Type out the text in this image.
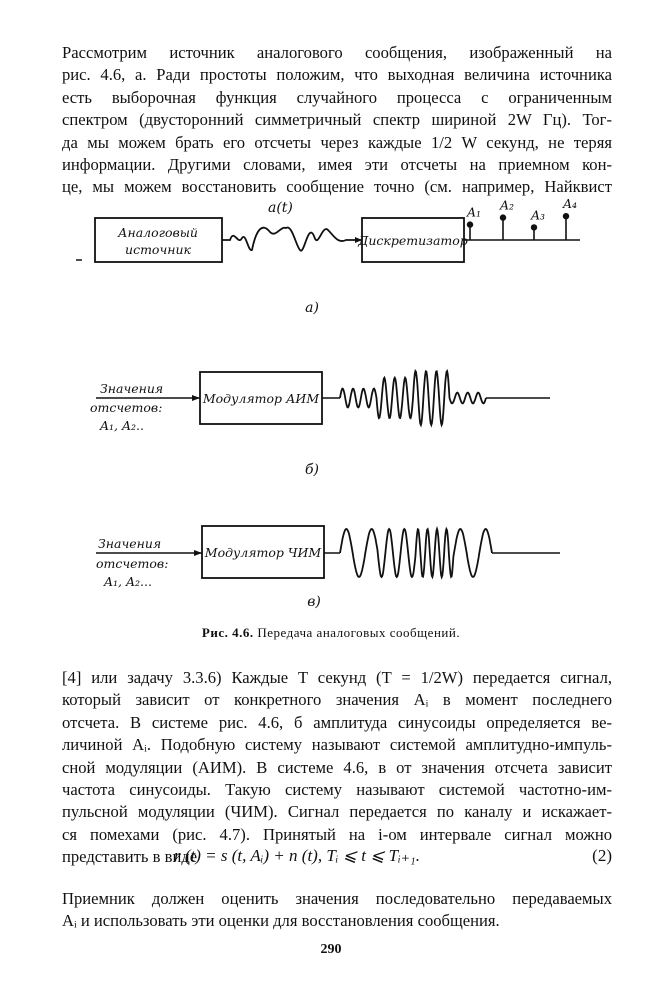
Рассмотрим источник аналогового сообщения, изображенный на
рис. 4.6, а. Ради простоты положим, что выходная величина источника
есть выборочная функция случайного процесса с ограниченным
спектром (двусторонний симметричный спектр шириной 2W Гц). Тог-
да мы можем брать его отсчеты через каждые 1/2 W секунд, не теряя
информации. Другими словами, имея эти отсчеты на приемном кон-
це, мы можем восстановить сообщение точно (см. например, Найквист
Аналоговый
источник
a(t)
Дискретизатор
A₁ A₂
A₃
A₄
а)
Значения
отсчетов:
A₁, A₂..
Модулятор АИМ
б)
Значения
отсчетов:
A₁, A₂...
Модулятор ЧИМ
в)
Рис. 4.6. Передача аналоговых сообщений.
[4] или задачу 3.3.6) Каждые T секунд (T = 1/2W) передается сигнал,
который зависит от конкретного значения Aᵢ в момент последнего
отсчета. В системе рис. 4.6, б амплитуда синусоиды определяется ве-
личиной Aᵢ. Подобную систему называют системой амплитудно-импуль-
сной модуляции (АИМ). В системе 4.6, в от значения отсчета зависит
частота синусоиды. Такую систему называют системой частотно-им-
пульсной модуляции (ЧИМ). Сигнал передается по каналу и искажает-
ся помехами (рис. 4.7). Принятый на i-ом интервале сигнал можно
представить в виде
r (t) = s (t, Aᵢ) + n (t), Tᵢ ⩽ t ⩽ Tᵢ₊₁.	(2)
Приемник должен оценить значения последовательно передаваемых
Aᵢ и использовать эти оценки для восстановления сообщения.
290
